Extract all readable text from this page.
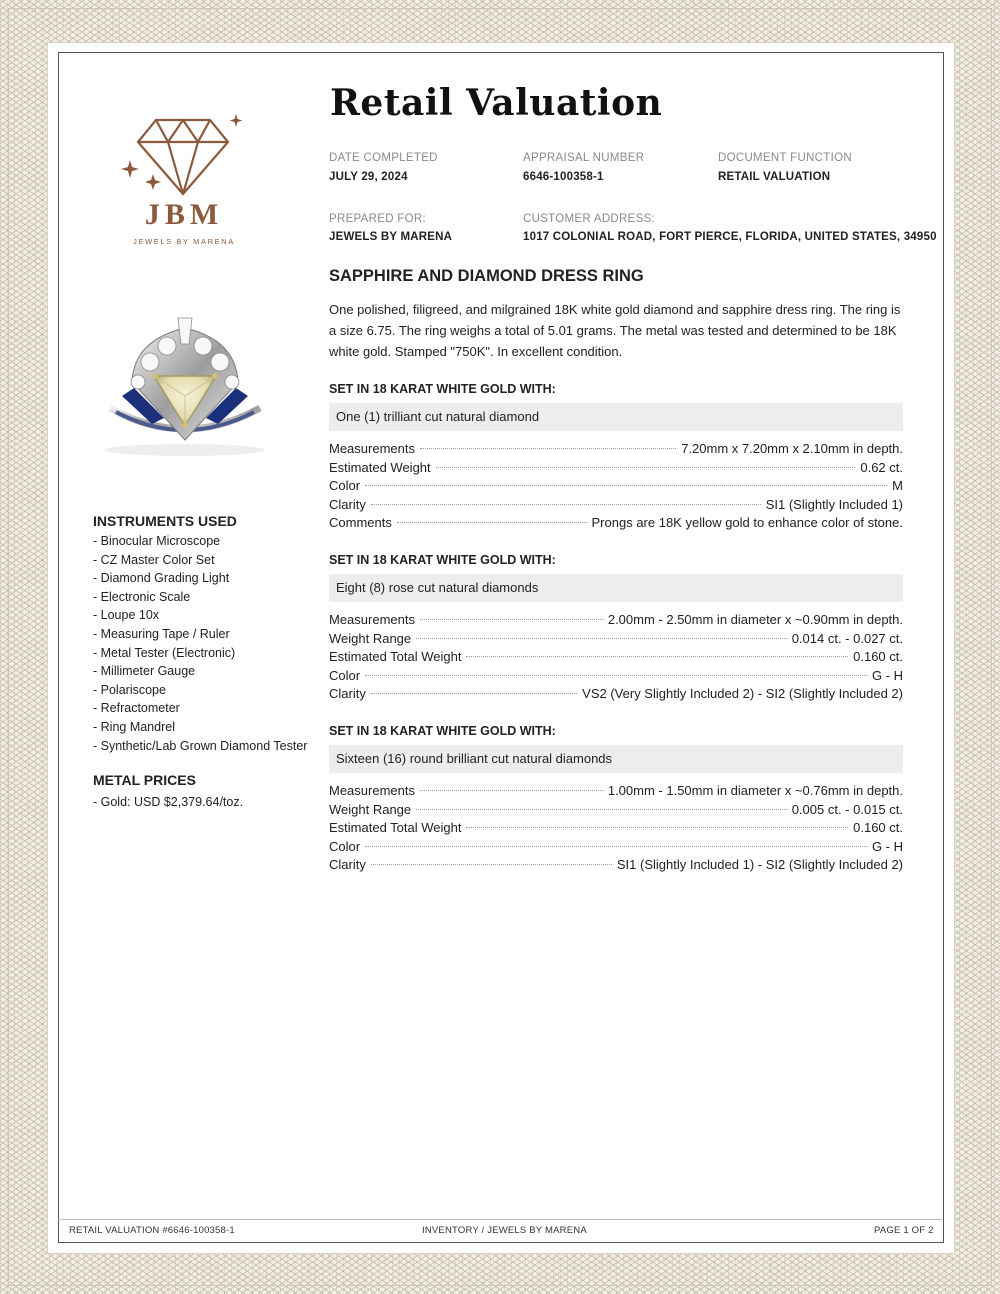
Retail Valuation
DATE COMPLETED
JULY 29, 2024
APPRAISAL NUMBER
6646-100358-1
DOCUMENT FUNCTION
RETAIL VALUATION
PREPARED FOR:
JEWELS BY MARENA
CUSTOMER ADDRESS:
1017 COLONIAL ROAD, FORT PIERCE, FLORIDA, UNITED STATES, 34950
JBM
JEWELS BY MARENA
INSTRUMENTS USED
- Binocular Microscope
- CZ Master Color Set
- Diamond Grading Light
- Electronic Scale
- Loupe 10x
- Measuring Tape / Ruler
- Metal Tester (Electronic)
- Millimeter Gauge
- Polariscope
- Refractometer
- Ring Mandrel
- Synthetic/Lab Grown Diamond Tester
METAL PRICES
- Gold: USD $2,379.64/toz.
SAPPHIRE AND DIAMOND DRESS RING
One polished, filigreed, and milgrained 18K white gold diamond and sapphire dress ring. The ring is a size 6.75. The ring weighs a total of 5.01 grams. The metal was tested and determined to be 18K white gold. Stamped "750K". In excellent condition.
SET IN 18 KARAT WHITE GOLD WITH:
One (1) trilliant cut natural diamond
Measurements	7.20mm x 7.20mm x 2.10mm in depth.
Estimated Weight	0.62 ct.
Color	M
Clarity	SI1 (Slightly Included 1)
Comments	Prongs are 18K yellow gold to enhance color of stone.
SET IN 18 KARAT WHITE GOLD WITH:
Eight (8) rose cut natural diamonds
Measurements	2.00mm - 2.50mm in diameter x ~0.90mm in depth.
Weight Range	0.014 ct. - 0.027 ct.
Estimated Total Weight	0.160 ct.
Color	G - H
Clarity	VS2 (Very Slightly Included 2) - SI2 (Slightly Included 2)
SET IN 18 KARAT WHITE GOLD WITH:
Sixteen (16) round brilliant cut natural diamonds
Measurements	1.00mm - 1.50mm in diameter x ~0.76mm in depth.
Weight Range	0.005 ct. - 0.015 ct.
Estimated Total Weight	0.160 ct.
Color	G - H
Clarity	SI1 (Slightly Included 1) - SI2 (Slightly Included 2)
RETAIL VALUATION #6646-100358-1	INVENTORY / JEWELS BY MARENA	PAGE 1 OF 2
